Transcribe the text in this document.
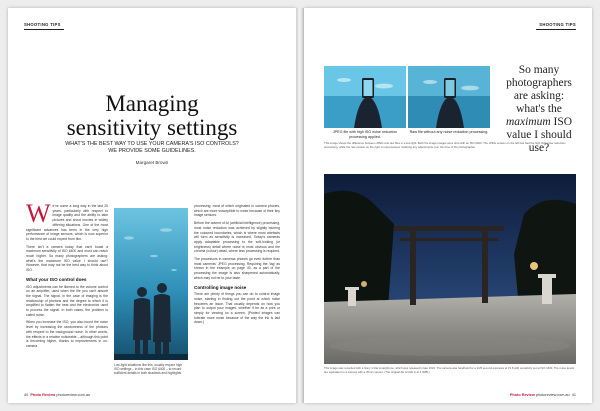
SHOOTING TIPS
Managing
sensitivity settings
WHAT'S THE BEST WAY TO USE YOUR CAMERA'S ISO CONTROLS?
WE PROVIDE SOME GUIDELINES.
Margaret Brown

We've come a long way in the last 20 years, particularly with respect to image quality and the ability to take pictures and shoot movies in widely differing situations. One of the most significant advances has been in the very high performance of image sensors, which is now superior to the best we could expect from film.

There isn't a camera today that can't boast a maximum sensitivity of ISO 6400 and most can reach much higher. So many photographers are asking: what's the maximum ISO value I should use? However, that may not be the best way to think about ISO.

What your ISO control does

ISO adjustments can be likened to the volume control on an amplifier, used when the file you can't absorb the signal. The signal, in the case of imaging is the relationship of photons and the degree to which it is amplified to flatten the heat and the electronics used to process the signal. In both cases, the problem is called noise.

When you increase the ISO, you also boost the noise level by increasing the randomness of the photons with respect to the background noise. In other words, the effects in a relative noticeable – although this point is becoming higher, thanks to improvements in on-camera

Low-light situations like this, usually require high ISO settings – in this case ISO 6400 – to record sufficient details in both shadows and highlights.

processing, most of which originated in camera phones, which are more susceptible to noise because of their tiny image sensors.

Before the advent of AI (artificial intelligence) processing, most noise reduction was achieved by slightly blurring the coloured boundaries, which is where most artefacts will form as sensitivity is increased. Today's cameras apply adaptable processing to the soft-looking (or brightness) detail where noise is most obvious and the chroma (colour) detail, where less processing is required.

The processors in cameras phones go even further than most cameras' JPEG processing. Requiring the 'tag' as shown in the example on page 40, as a part of the processing the image is also sharpened automatically, which may not be to your taste.

Controlling image noise

There are plenty of things you can do to control image noise, starting in finding out the point at which noise becomes an issue. That usually depends on how you plan to output your images, whether it be as a print or simply for viewing on a screen. (Printed images can tolerate more noise because of the way the ink is laid down.)

40 Photo Review photoreview.com.au
SHOOTING TIPS
JPEG file with high ISO noise reduction processing applied.
Raw file without any noise reduction processing.
This image shows the difference between JPEG and raw files in a low-light. Both the image images were shot with an ISO 6400. The JPEG version on the left has had the high ISO noise reduction processing, while the raw version on the right is unprocessed, retaining any adjustments over the time of the photographer.
So many photographers are asking: what's the maximum ISO value I should use?
This image was recorded with a Sony 1 that smartphone, which was released in late 2022. The camera was handheld for a 1/25 second exposure at f/1.8 with sensitivity set at ISO 1600. The noise levels are equivalent to a camera with a 35mm sensor. (The original file scrolls in at 4.3MB.)
Photo Review photoreview.com.au 41
